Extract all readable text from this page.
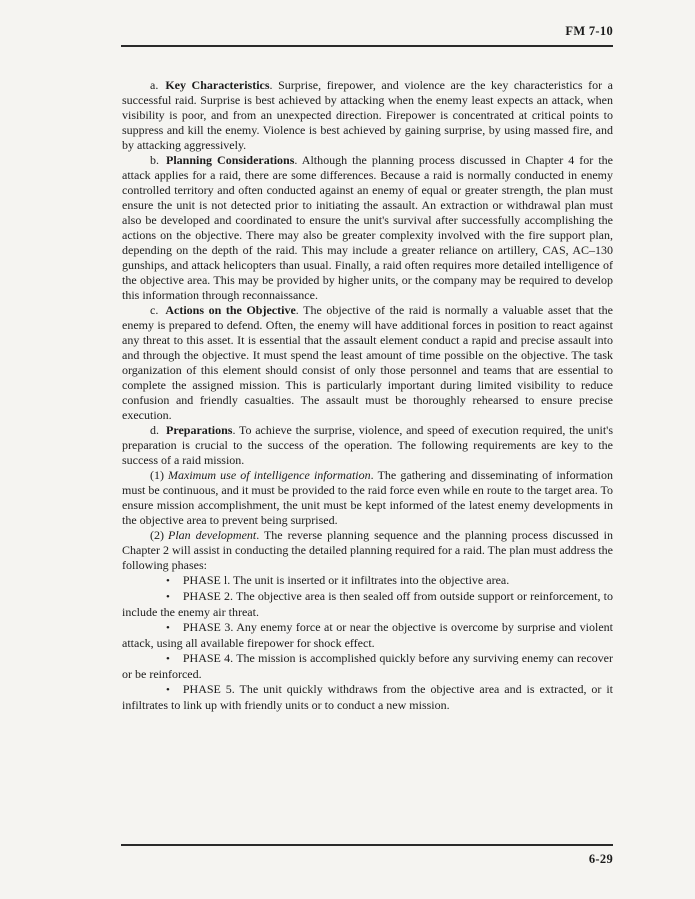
FM 7-10

a. Key Characteristics. Surprise, firepower, and violence are the key characteristics for a successful raid. Surprise is best achieved by attacking when the enemy least expects an attack, when visibility is poor, and from an unexpected direction. Firepower is concentrated at critical points to suppress and kill the enemy. Violence is best achieved by gaining surprise, by using massed fire, and by attacking aggressively.

b. Planning Considerations. Although the planning process discussed in Chapter 4 for the attack applies for a raid, there are some differences. Because a raid is normally conducted in enemy controlled territory and often conducted against an enemy of equal or greater strength, the plan must ensure the unit is not detected prior to initiating the assault. An extraction or withdrawal plan must also be developed and coordinated to ensure the unit's survival after successfully accomplishing the actions on the objective. There may also be greater complexity involved with the fire support plan, depending on the depth of the raid. This may include a greater reliance on artillery, CAS, AC–130 gunships, and attack helicopters than usual. Finally, a raid often requires more detailed intelligence of the objective area. This may be provided by higher units, or the company may be required to develop this information through reconnaissance.

c. Actions on the Objective. The objective of the raid is normally a valuable asset that the enemy is prepared to defend. Often, the enemy will have additional forces in position to react against any threat to this asset. It is essential that the assault element conduct a rapid and precise assault into and through the objective. It must spend the least amount of time possible on the objective. The task organization of this element should consist of only those personnel and teams that are essential to complete the assigned mission. This is particularly important during limited visibility to reduce confusion and friendly casualties. The assault must be thoroughly rehearsed to ensure precise execution.

d. Preparations. To achieve the surprise, violence, and speed of execution required, the unit's preparation is crucial to the success of the operation. The following requirements are key to the success of a raid mission.

(1) Maximum use of intelligence information. The gathering and disseminating of information must be continuous, and it must be provided to the raid force even while en route to the target area. To ensure mission accomplishment, the unit must be kept informed of the latest enemy developments in the objective area to prevent being surprised.

(2) Plan development. The reverse planning sequence and the planning process discussed in Chapter 2 will assist in conducting the detailed planning required for a raid. The plan must address the following phases:

• PHASE l. The unit is inserted or it infiltrates into the objective area.

• PHASE 2. The objective area is then sealed off from outside support or reinforcement, to include the enemy air threat.

• PHASE 3. Any enemy force at or near the objective is overcome by surprise and violent attack, using all available firepower for shock effect.

• PHASE 4. The mission is accomplished quickly before any surviving enemy can recover or be reinforced.

• PHASE 5. The unit quickly withdraws from the objective area and is extracted, or it infiltrates to link up with friendly units or to conduct a new mission.

6-29
